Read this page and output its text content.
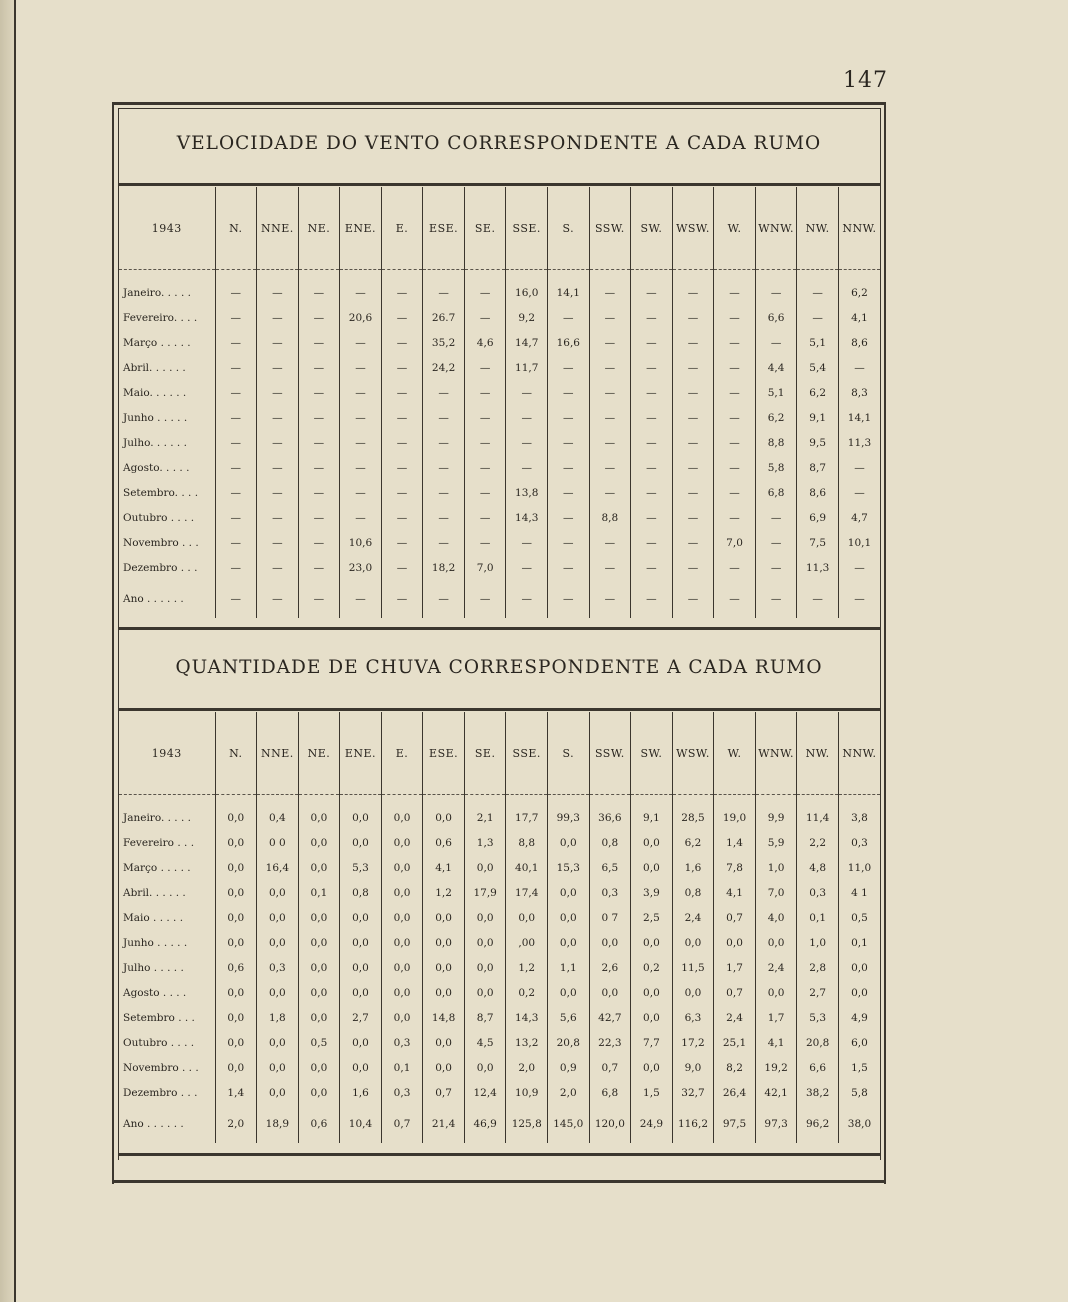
147
VELOCIDADE DO VENTO CORRESPONDENTE A CADA RUMO
1943	N.	NNE.	NE.	ENE.	E.	ESE.	SE.	SSE.	S.	SSW.	SW.	WSW.	W.	WNW.	NW.	NNW.

Janeiro. . . . .	—	—	—	—	—	—	—	16,0	14,1	—	—	—	—	—	—	6,2
Fevereiro. . . .	—	—	—	20,6	—	26.7	—	9,2	—	—	—	—	—	6,6	—	4,1
Março . . . . .	—	—	—	—	—	35,2	4,6	14,7	16,6	—	—	—	—	—	5,1	8,6
Abril. . . . . .	—	—	—	—	—	24,2	—	11,7	—	—	—	—	—	4,4	5,4	—
Maio. . . . . .	—	—	—	—	—	—	—	—	—	—	—	—	—	5,1	6,2	8,3
Junho . . . . .	—	—	—	—	—	—	—	—	—	—	—	—	—	6,2	9,1	14,1
Julho. . . . . .	—	—	—	—	—	—	—	—	—	—	—	—	—	8,8	9,5	11,3
Agosto. . . . .	—	—	—	—	—	—	—	—	—	—	—	—	—	5,8	8,7	—
Setembro. . . .	—	—	—	—	—	—	—	13,8	—	—	—	—	—	6,8	8,6	—
Outubro . . . .	—	—	—	—	—	—	—	14,3	—	8,8	—	—	—	—	6,9	4,7
Novembro . . .	—	—	—	10,6	—	—	—	—	—	—	—	—	7,0	—	7,5	10,1
Dezembro . . .	—	—	—	23,0	—	18,2	7,0	—	—	—	—	—	—	—	11,3	—
Ano . . . . . .	—	—	—	—	—	—	—	—	—	—	—	—	—	—	—	—
QUANTIDADE DE CHUVA CORRESPONDENTE A CADA RUMO
1943	N.	NNE.	NE.	ENE.	E.	ESE.	SE.	SSE.	S.	SSW.	SW.	WSW.	W.	WNW.	NW.	NNW.

Janeiro. . . . .	0,0	0,4	0,0	0,0	0,0	0,0	2,1	17,7	99,3	36,6	9,1	28,5	19,0	9,9	11,4	3,8
Fevereiro . . .	0,0	0 0	0,0	0,0	0,0	0,6	1,3	8,8	0,0	0,8	0,0	6,2	1,4	5,9	2,2	0,3
Março . . . . .	0,0	16,4	0,0	5,3	0,0	4,1	0,0	40,1	15,3	6,5	0,0	1,6	7,8	1,0	4,8	11,0
Abril. . . . . .	0,0	0,0	0,1	0,8	0,0	1,2	17,9	17,4	0,0	0,3	3,9	0,8	4,1	7,0	0,3	4 1
Maio . . . . .	0,0	0,0	0,0	0,0	0,0	0,0	0,0	0,0	0,0	0 7	2,5	2,4	0,7	4,0	0,1	0,5
Junho . . . . .	0,0	0,0	0,0	0,0	0,0	0,0	0,0	,00	0,0	0,0	0,0	0,0	0,0	0,0	1,0	0,1
Julho . . . . .	0,6	0,3	0,0	0,0	0,0	0,0	0,0	1,2	1,1	2,6	0,2	11,5	1,7	2,4	2,8	0,0
Agosto . . . .	0,0	0,0	0,0	0,0	0,0	0,0	0,0	0,2	0,0	0,0	0,0	0,0	0,7	0,0	2,7	0,0
Setembro . . .	0,0	1,8	0,0	2,7	0,0	14,8	8,7	14,3	5,6	42,7	0,0	6,3	2,4	1,7	5,3	4,9
Outubro . . . .	0,0	0,0	0,5	0,0	0,3	0,0	4,5	13,2	20,8	22,3	7,7	17,2	25,1	4,1	20,8	6,0
Novembro . . .	0,0	0,0	0,0	0,0	0,1	0,0	0,0	2,0	0,9	0,7	0,0	9,0	8,2	19,2	6,6	1,5
Dezembro . . .	1,4	0,0	0,0	1,6	0,3	0,7	12,4	10,9	2,0	6,8	1,5	32,7	26,4	42,1	38,2	5,8
Ano . . . . . .	2,0	18,9	0,6	10,4	0,7	21,4	46,9	125,8	145,0	120,0	24,9	116,2	97,5	97,3	96,2	38,0
